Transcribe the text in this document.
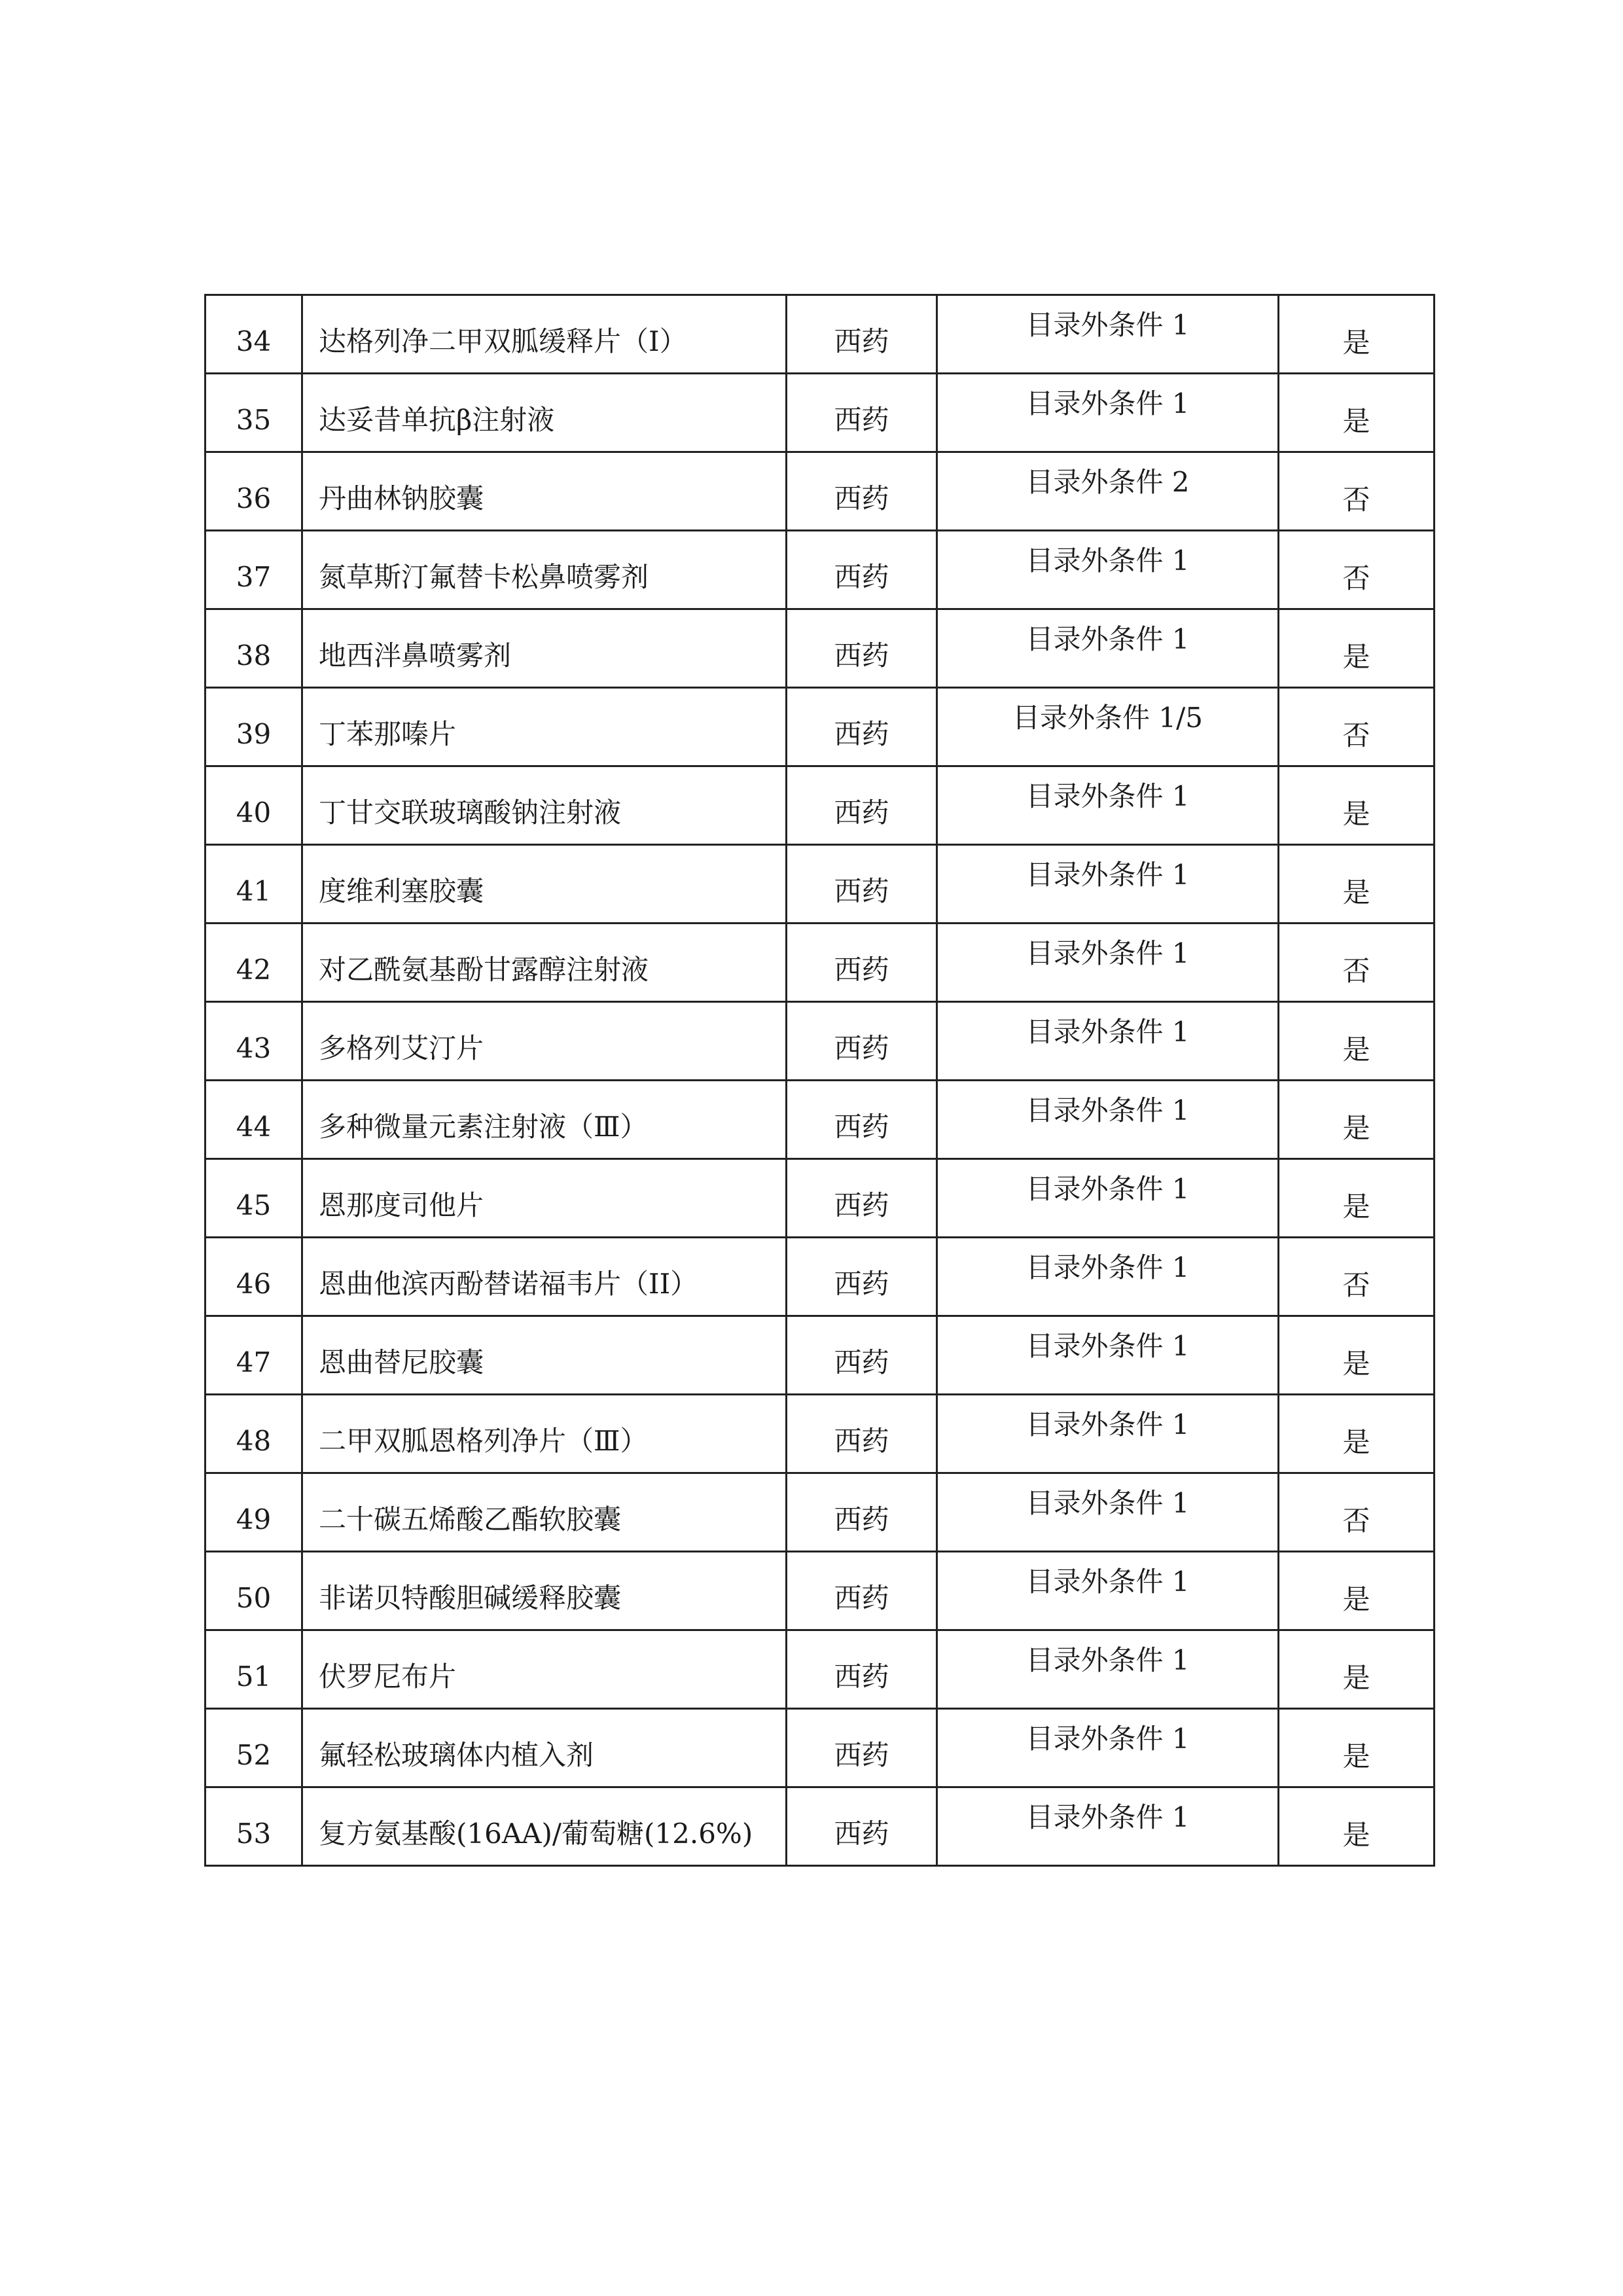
34	达格列净二甲双胍缓释片（Ⅰ）	西药	目录外条件 1	是
35	达妥昔单抗β注射液	西药	目录外条件 1	是
36	丹曲林钠胶囊	西药	目录外条件 2	否
37	氮草斯汀氟替卡松鼻喷雾剂	西药	目录外条件 1	否
38	地西泮鼻喷雾剂	西药	目录外条件 1	是
39	丁苯那嗪片	西药	目录外条件 1/5	否
40	丁甘交联玻璃酸钠注射液	西药	目录外条件 1	是
41	度维利塞胶囊	西药	目录外条件 1	是
42	对乙酰氨基酚甘露醇注射液	西药	目录外条件 1	否
43	多格列艾汀片	西药	目录外条件 1	是
44	多种微量元素注射液（Ⅲ）	西药	目录外条件 1	是
45	恩那度司他片	西药	目录外条件 1	是
46	恩曲他滨丙酚替诺福韦片（II）	西药	目录外条件 1	否
47	恩曲替尼胶囊	西药	目录外条件 1	是
48	二甲双胍恩格列净片（Ⅲ）	西药	目录外条件 1	是
49	二十碳五烯酸乙酯软胶囊	西药	目录外条件 1	否
50	非诺贝特酸胆碱缓释胶囊	西药	目录外条件 1	是
51	伏罗尼布片	西药	目录外条件 1	是
52	氟轻松玻璃体内植入剂	西药	目录外条件 1	是
53	复方氨基酸(16AA)/葡萄糖(12.6%)	西药	目录外条件 1	是
